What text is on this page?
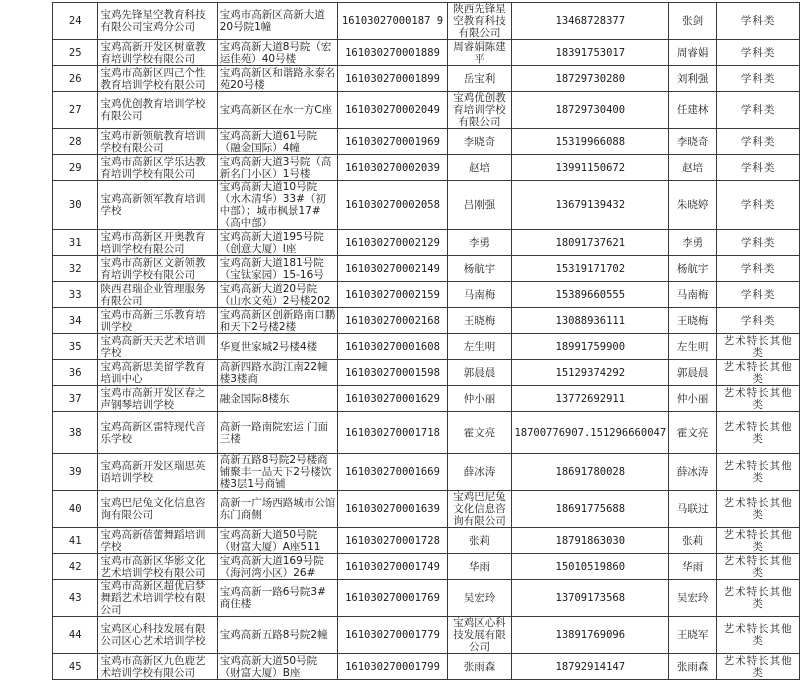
24	宝鸡先锋星空教育科技有限公司宝鸡分公司	宝鸡市高新区高新大道20号院1幢	16103027000187 9	陕西先锋星空教育科技有限公司	13468728377	张剑	学科类
25	宝鸡高新开发区树童教育培训学校有限公司	宝鸡高新大道8号院（宏运佳苑）40号楼	161030270001889	周睿娟陈建平	18391753017	周睿娟	学科类
26	宝鸡市高新区四己个性教育培训学校有限公司	宝鸡高新区和谐路永泰名苑20号楼	161030270001899	岳宝利	18729730280	刘利强	学科类
27	宝鸡优创教育培训学校有限公司	宝鸡高新区在水一方C座	161030270002049	宝鸡优创教育培训学校有限公司	18729730400	任建林	学科类
28	宝鸡市新领航教育培训学校有限公司	宝鸡高新大道61号院（融金国际）4幢	161030270001969	李晓奇	15319966088	李晓奇	学科类
29	宝鸡市高新区学乐达教育培训学校有限公司	宝鸡高新大道3号院（高新名门小区）1号楼	161030270002039	赵培	13991150672	赵培	学科类
30	宝鸡高新领军教育培训学校	宝鸡高新大道10号院（水木清华）33#（初中部）；城市枫景17#（高中部）	161030270002058	吕刚强	13679139432	朱晓婷	学科类
31	宝鸡市高新区开奥教育培训学校有限公司	宝鸡高新大道195号院（创意大厦）I座	161030270002129	李勇	18091737621	李勇	学科类
32	宝鸡市高新区文新领教育培训学校有限公司	宝鸡高新大道181号院（宝钛家园）15-16号	161030270002149	杨航宇	15319171702	杨航宇	学科类
33	陕西君瑞企业管理服务有限公司	宝鸡高新大道20号院（山水文苑）2号楼202	161030270002159	马南梅	15389660555	马南梅	学科类
34	宝鸡市高新三乐教育培训学校	宝鸡高新区创新路南口鹏和天下2号楼2楼	161030270002168	王晓梅	13088936111	王晓梅	学科类
35	宝鸡高新天天艺术培训学校	华夏世家城2号楼4楼	161030270001608	左生明	18991759900	左生明	艺术特长其他类
36	宝鸡高新思美留学教育培训中心	高新四路水韵江南22幢楼3楼商	161030270001598	郭晨晨	15129374292	郭晨晨	艺术特长其他类
37	宝鸡市高新开发区春之声钢琴培训学校	融金国际8楼东	161030270001629	仲小丽	13772692911	仲小丽	艺术特长其他类
38	宝鸡高新区雷特现代音乐学校	高新一路南院宏运 门面三楼	161030270001718	霍文亮	18700776907.151296660047	霍文亮	艺术特长其他类
39	宝鸡高新开发区瑞思英语培训学校	高新五路8号院2号楼商铺聚丰一品天下2号楼饮楼3层1号商铺	161030270001669	薛冰涛	18691780028	薛冰涛	艺术特长其他类
40	宝鸡巴尼兔文化信息咨询有限公司	高新一广场西路城市公馆东门商侧	161030270001639	宝鸡巴尼兔文化信息咨询有限公司	18691775688	马联过	艺术特长其他类
41	宝鸡高新蓓蕾舞蹈培训学校	宝鸡高新大道50号院（财富大厦）A座511	161030270001728	张莉	18791863030	张莉	艺术特长其他类
42	宝鸡市高新区华影文化艺术培训学校有限公司	宝鸡高新大道169号院（海河湾小区）26#	161030270001749	华雨	15010519860	华雨	艺术特长其他类
43	宝鸡市高新区超优启梦舞蹈艺术培训学校有限公司	宝鸡高新一路6号院3#商住楼	161030270001769	吴宏玲	13709173568	吴宏玲	艺术特长其他类
44	宝鸡区心科技发展有限公司区心艺术培训学校	宝鸡高新五路8号院2幢	161030270001779	宝鸡区心科技发展有限公司	13891769096	王晓军	艺术特长其他类
45	宝鸡市高新区九色鹿艺术培训学校有限公司	宝鸡高新大道50号院（财富大厦）B座	161030270001799	张雨森	18792914147	张雨森	艺术特长其他类
